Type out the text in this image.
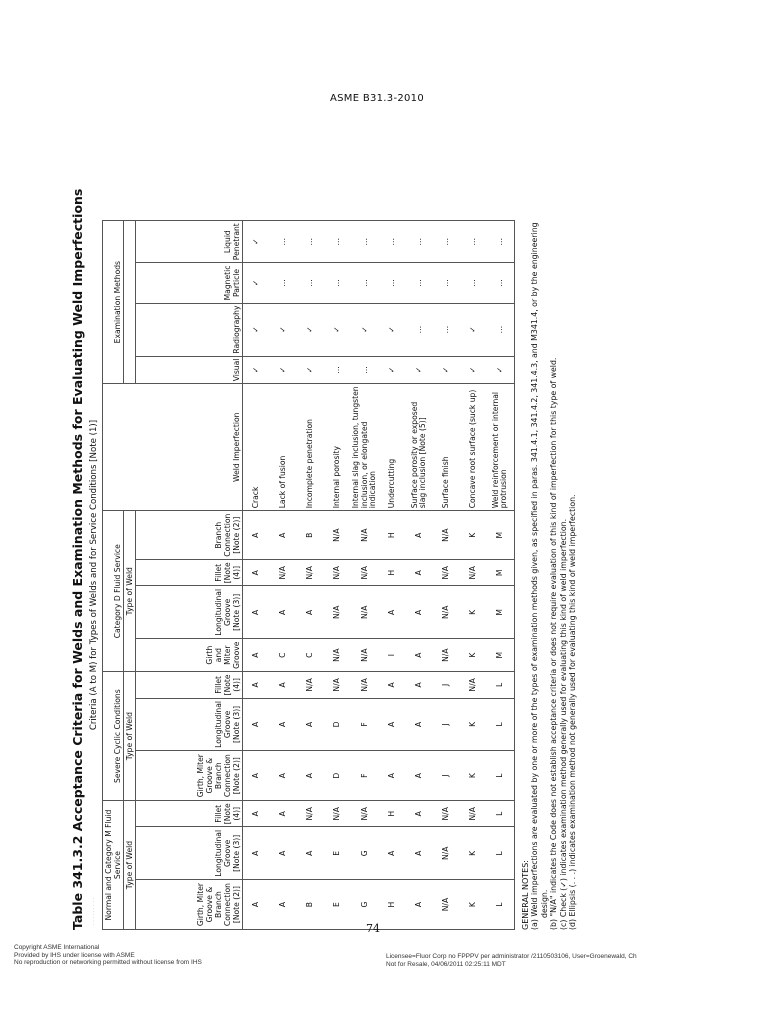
ASME B31.3-2010
Table 341.3.2 Acceptance Criteria for Welds and Examination Methods for Evaluating Weld Imperfections Criteria (A to M) for Types of Welds and for Service Conditions [Note (1)]
Normal and Category M Fluid Service			Severe Cyclic Conditions			Category D Fluid Service				Weld Imperfection	Examination Methods			
Type of Weld			Type of Weld			Type of Weld								
Girth, Miter Groove & Branch Connection [Note (2)]	Longitudinal Groove [Note (3)]	Fillet [Note (4)]	Girth, Miter Groove & Branch Connection [Note (2)]	Longitudinal Groove [Note (3)]	Fillet [Note (4)]	Girth and Miter Groove	Longitudinal Groove [Note (3)]	Fillet [Note (4)]	Branch Connection [Note (2)]		Visual	Radiography	Magnetic Particle	Liquid Penetrant
A	A	A	A	A	A	A	A	A	A	Crack	✓	✓	✓	✓
A	A	A	A	A	A	C	A	N/A	A	Lack of fusion	✓	✓	…	…
B	A	N/A	A	A	N/A	C	A	N/A	B	Incomplete penetration	✓	✓	…	…
E	E	N/A	D	D	N/A	N/A	N/A	N/A	N/A	Internal porosity	…	✓	…	…
G	G	N/A	F	F	N/A	N/A	N/A	N/A	N/A	Internal slag inclusion, tungsten inclusion, or elongated indication	…	✓	…	…
H	A	H	A	A	A	I	A	H	H	Undercutting	✓	✓	…	…
A	A	A	A	A	A	A	A	A	A	Surface porosity or exposed slag inclusion [Note (5)]	✓	…	…	…
N/A	N/A	N/A	J	J	J	N/A	N/A	N/A	N/A	Surface finish	✓	…	…	…
K	K	N/A	K	K	N/A	K	K	N/A	K	Concave root surface (suck up)	✓	✓	…	…
L	L	L	L	L	L	M	M	M	M	Weld reinforcement or internal protrusion	✓	…	…	…
GENERAL NOTES: (a) Weld imperfections are evaluated by one or more of the types of examination methods given, as specified in paras. 341.4.1, 341.4.2, 341.4.3, and M341.4, or by the engineering design. (b) "N/A" indicates the Code does not establish acceptance criteria or does not require evaluation of this kind of imperfection for this type of weld. (c) Check (✓) indicates examination method generally used for evaluating this kind of weld imperfection. (d) Ellipsis (. . .) indicates examination method not generally used for evaluating this kind of weld imperfection.
74
· · · · · · · · ·
Copyright ASME International
Provided by IHS under license with ASME
No reproduction or networking permitted without license from IHS
Licensee=Fluor Corp no FPPPV per administrator /2110503106, User=Groenewald, Ch
Not for Resale, 04/06/2011 02:25:11 MDT
